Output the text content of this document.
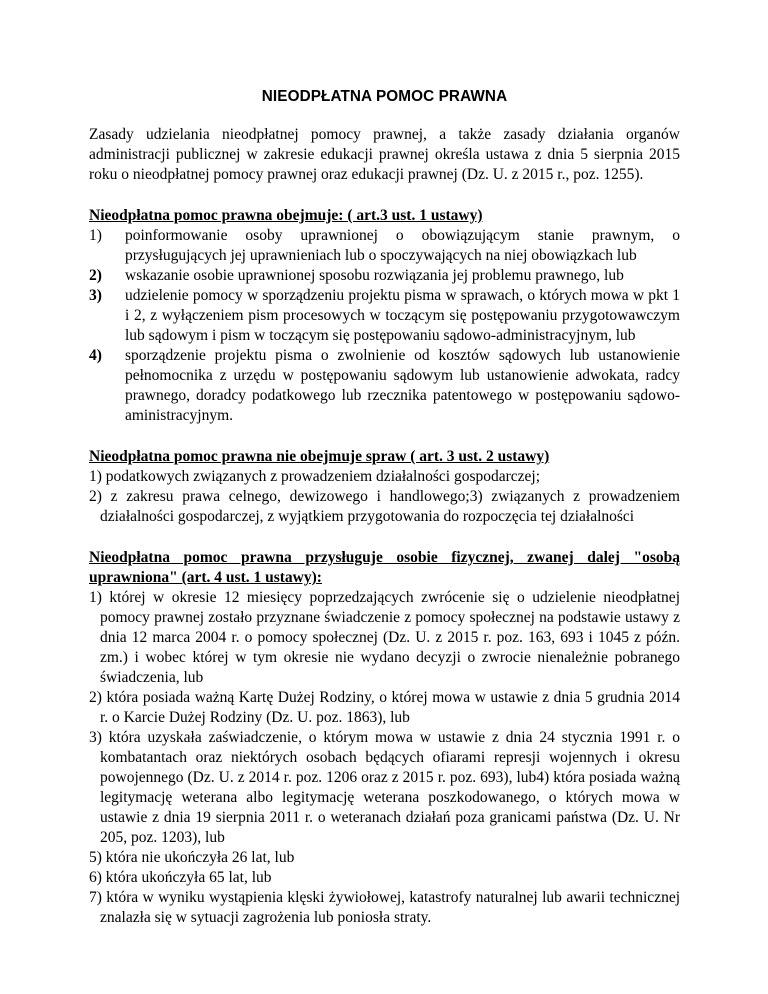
NIEODPŁATNA POMOC PRAWNA

Zasady udzielania nieodpłatnej pomocy prawnej, a także zasady działania organów administracji publicznej w zakresie edukacji prawnej określa ustawa z dnia 5 sierpnia 2015 roku o nieodpłatnej pomocy prawnej oraz edukacji prawnej (Dz. U. z 2015 r., poz. 1255).

Nieodpłatna pomoc prawna obejmuje: ( art.3 ust. 1 ustawy)

1)	poinformowanie osoby uprawnionej o obowiązującym stanie prawnym, o przysługujących jej uprawnieniach lub o spoczywających na niej obowiązkach lub
2)	wskazanie osobie uprawnionej sposobu rozwiązania jej problemu prawnego, lub
3)	udzielenie pomocy w sporządzeniu projektu pisma w sprawach, o których mowa w pkt 1 i 2, z wyłączeniem pism procesowych w toczącym się postępowaniu przygotowawczym lub sądowym i pism w toczącym się postępowaniu sądowo-administracyjnym, lub
4)	sporządzenie projektu pisma o zwolnienie od kosztów sądowych lub ustanowienie pełnomocnika z urzędu w postępowaniu sądowym lub ustanowienie adwokata, radcy prawnego, doradcy podatkowego lub rzecznika patentowego w postępowaniu sądowo-aministracyjnym.

Nieodpłatna pomoc prawna nie obejmuje spraw ( art. 3 ust. 2 ustawy)

1) podatkowych związanych z prowadzeniem działalności gospodarczej;
2) z zakresu prawa celnego, dewizowego i handlowego;3) związanych z prowadzeniem działalności gospodarczej, z wyjątkiem przygotowania do rozpoczęcia tej działalności

Nieodpłatna pomoc prawna przysługuje osobie fizycznej, zwanej dalej "osobą uprawniona" (art. 4 ust. 1 ustawy):

1) której w okresie 12 miesięcy poprzedzających zwrócenie się o udzielenie nieodpłatnej pomocy prawnej zostało przyznane świadczenie z pomocy społecznej na podstawie ustawy z dnia 12 marca 2004 r. o pomocy społecznej (Dz. U. z 2015 r. poz. 163, 693 i 1045 z późn. zm.) i wobec której w tym okresie nie wydano decyzji o zwrocie nienależnie pobranego świadczenia, lub
2) która posiada ważną Kartę Dużej Rodziny, o której mowa w ustawie z dnia 5 grudnia 2014 r. o Karcie Dużej Rodziny (Dz. U. poz. 1863), lub
3) która uzyskała zaświadczenie, o którym mowa w ustawie z dnia 24 stycznia 1991 r. o kombatantach oraz niektórych osobach będących ofiarami represji wojennych i okresu powojennego (Dz. U. z 2014 r. poz. 1206 oraz z 2015 r. poz. 693), lub4) która posiada ważną legitymację weterana albo legitymację weterana poszkodowanego, o których mowa w ustawie z dnia 19 sierpnia 2011 r. o weteranach działań poza granicami państwa (Dz. U. Nr 205, poz. 1203), lub
5) która nie ukończyła 26 lat, lub
6) która ukończyła 65 lat, lub
7) która w wyniku wystąpienia klęski żywiołowej, katastrofy naturalnej lub awarii technicznej znalazła się w sytuacji zagrożenia lub poniosła straty.
